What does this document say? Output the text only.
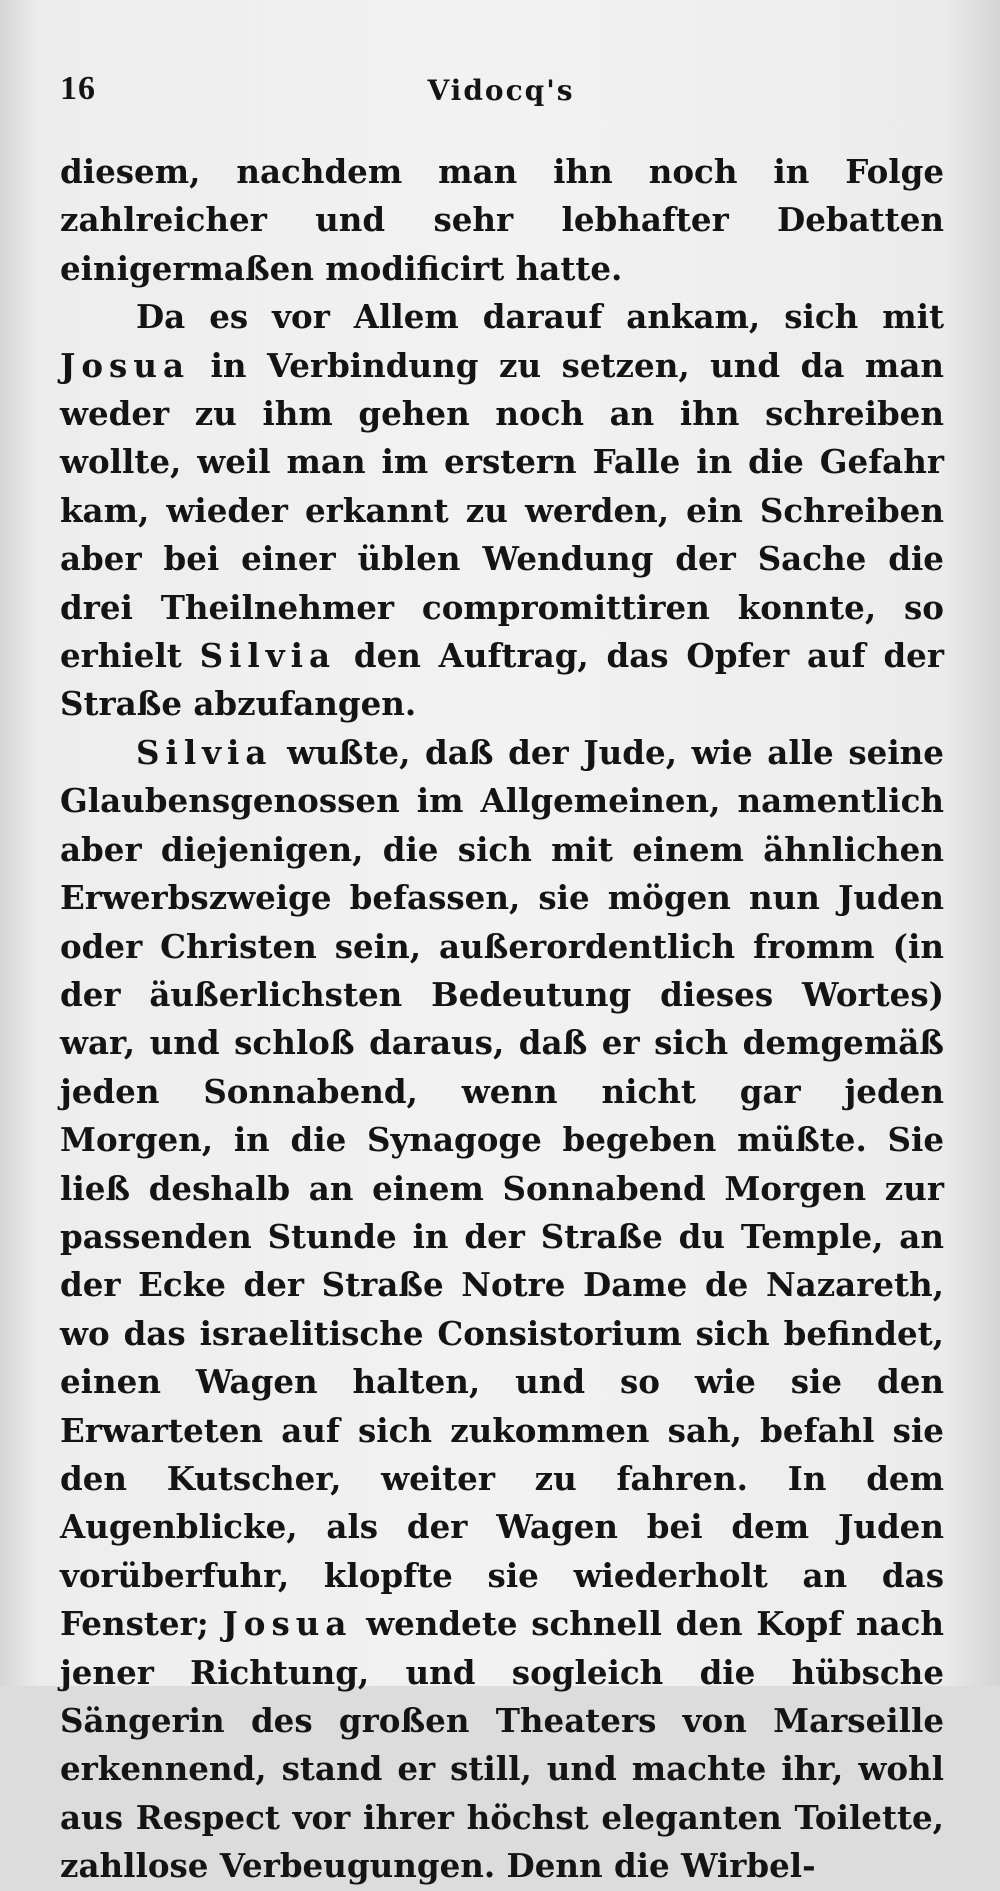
16	Vidocq's

diesem, nachdem man ihn noch in Folge zahlreicher und sehr lebhafter Debatten einigermaßen modificirt hatte.

Da es vor Allem darauf ankam, sich mit Josua in Verbindung zu setzen, und da man weder zu ihm gehen noch an ihn schreiben wollte, weil man im erstern Falle in die Gefahr kam, wieder erkannt zu werden, ein Schreiben aber bei einer üblen Wendung der Sache die drei Theilnehmer compromittiren konnte, so erhielt Silvia den Auftrag, das Opfer auf der Straße abzufangen.

Silvia wußte, daß der Jude, wie alle seine Glaubensgenossen im Allgemeinen, namentlich aber diejenigen, die sich mit einem ähnlichen Erwerbszweige befassen, sie mögen nun Juden oder Christen sein, außerordentlich fromm (in der äußerlichsten Bedeutung dieses Wortes) war, und schloß daraus, daß er sich demgemäß jeden Sonnabend, wenn nicht gar jeden Morgen, in die Synagoge begeben müßte. Sie ließ deshalb an einem Sonnabend Morgen zur passenden Stunde in der Straße du Temple, an der Ecke der Straße Notre Dame de Nazareth, wo das israelitische Consistorium sich befindet, einen Wagen halten, und so wie sie den Erwarteten auf sich zukommen sah, befahl sie den Kutscher, weiter zu fahren. In dem Augenblicke, als der Wagen bei dem Juden vorüberfuhr, klopfte sie wiederholt an das Fenster; Josua wendete schnell den Kopf nach jener Richtung, und sogleich die hübsche Sängerin des großen Theaters von Marseille erkennend, stand er still, und machte ihr, wohl aus Respect vor ihrer höchst eleganten Toilette, zahllose Verbeugungen. Denn die Wirbel-
